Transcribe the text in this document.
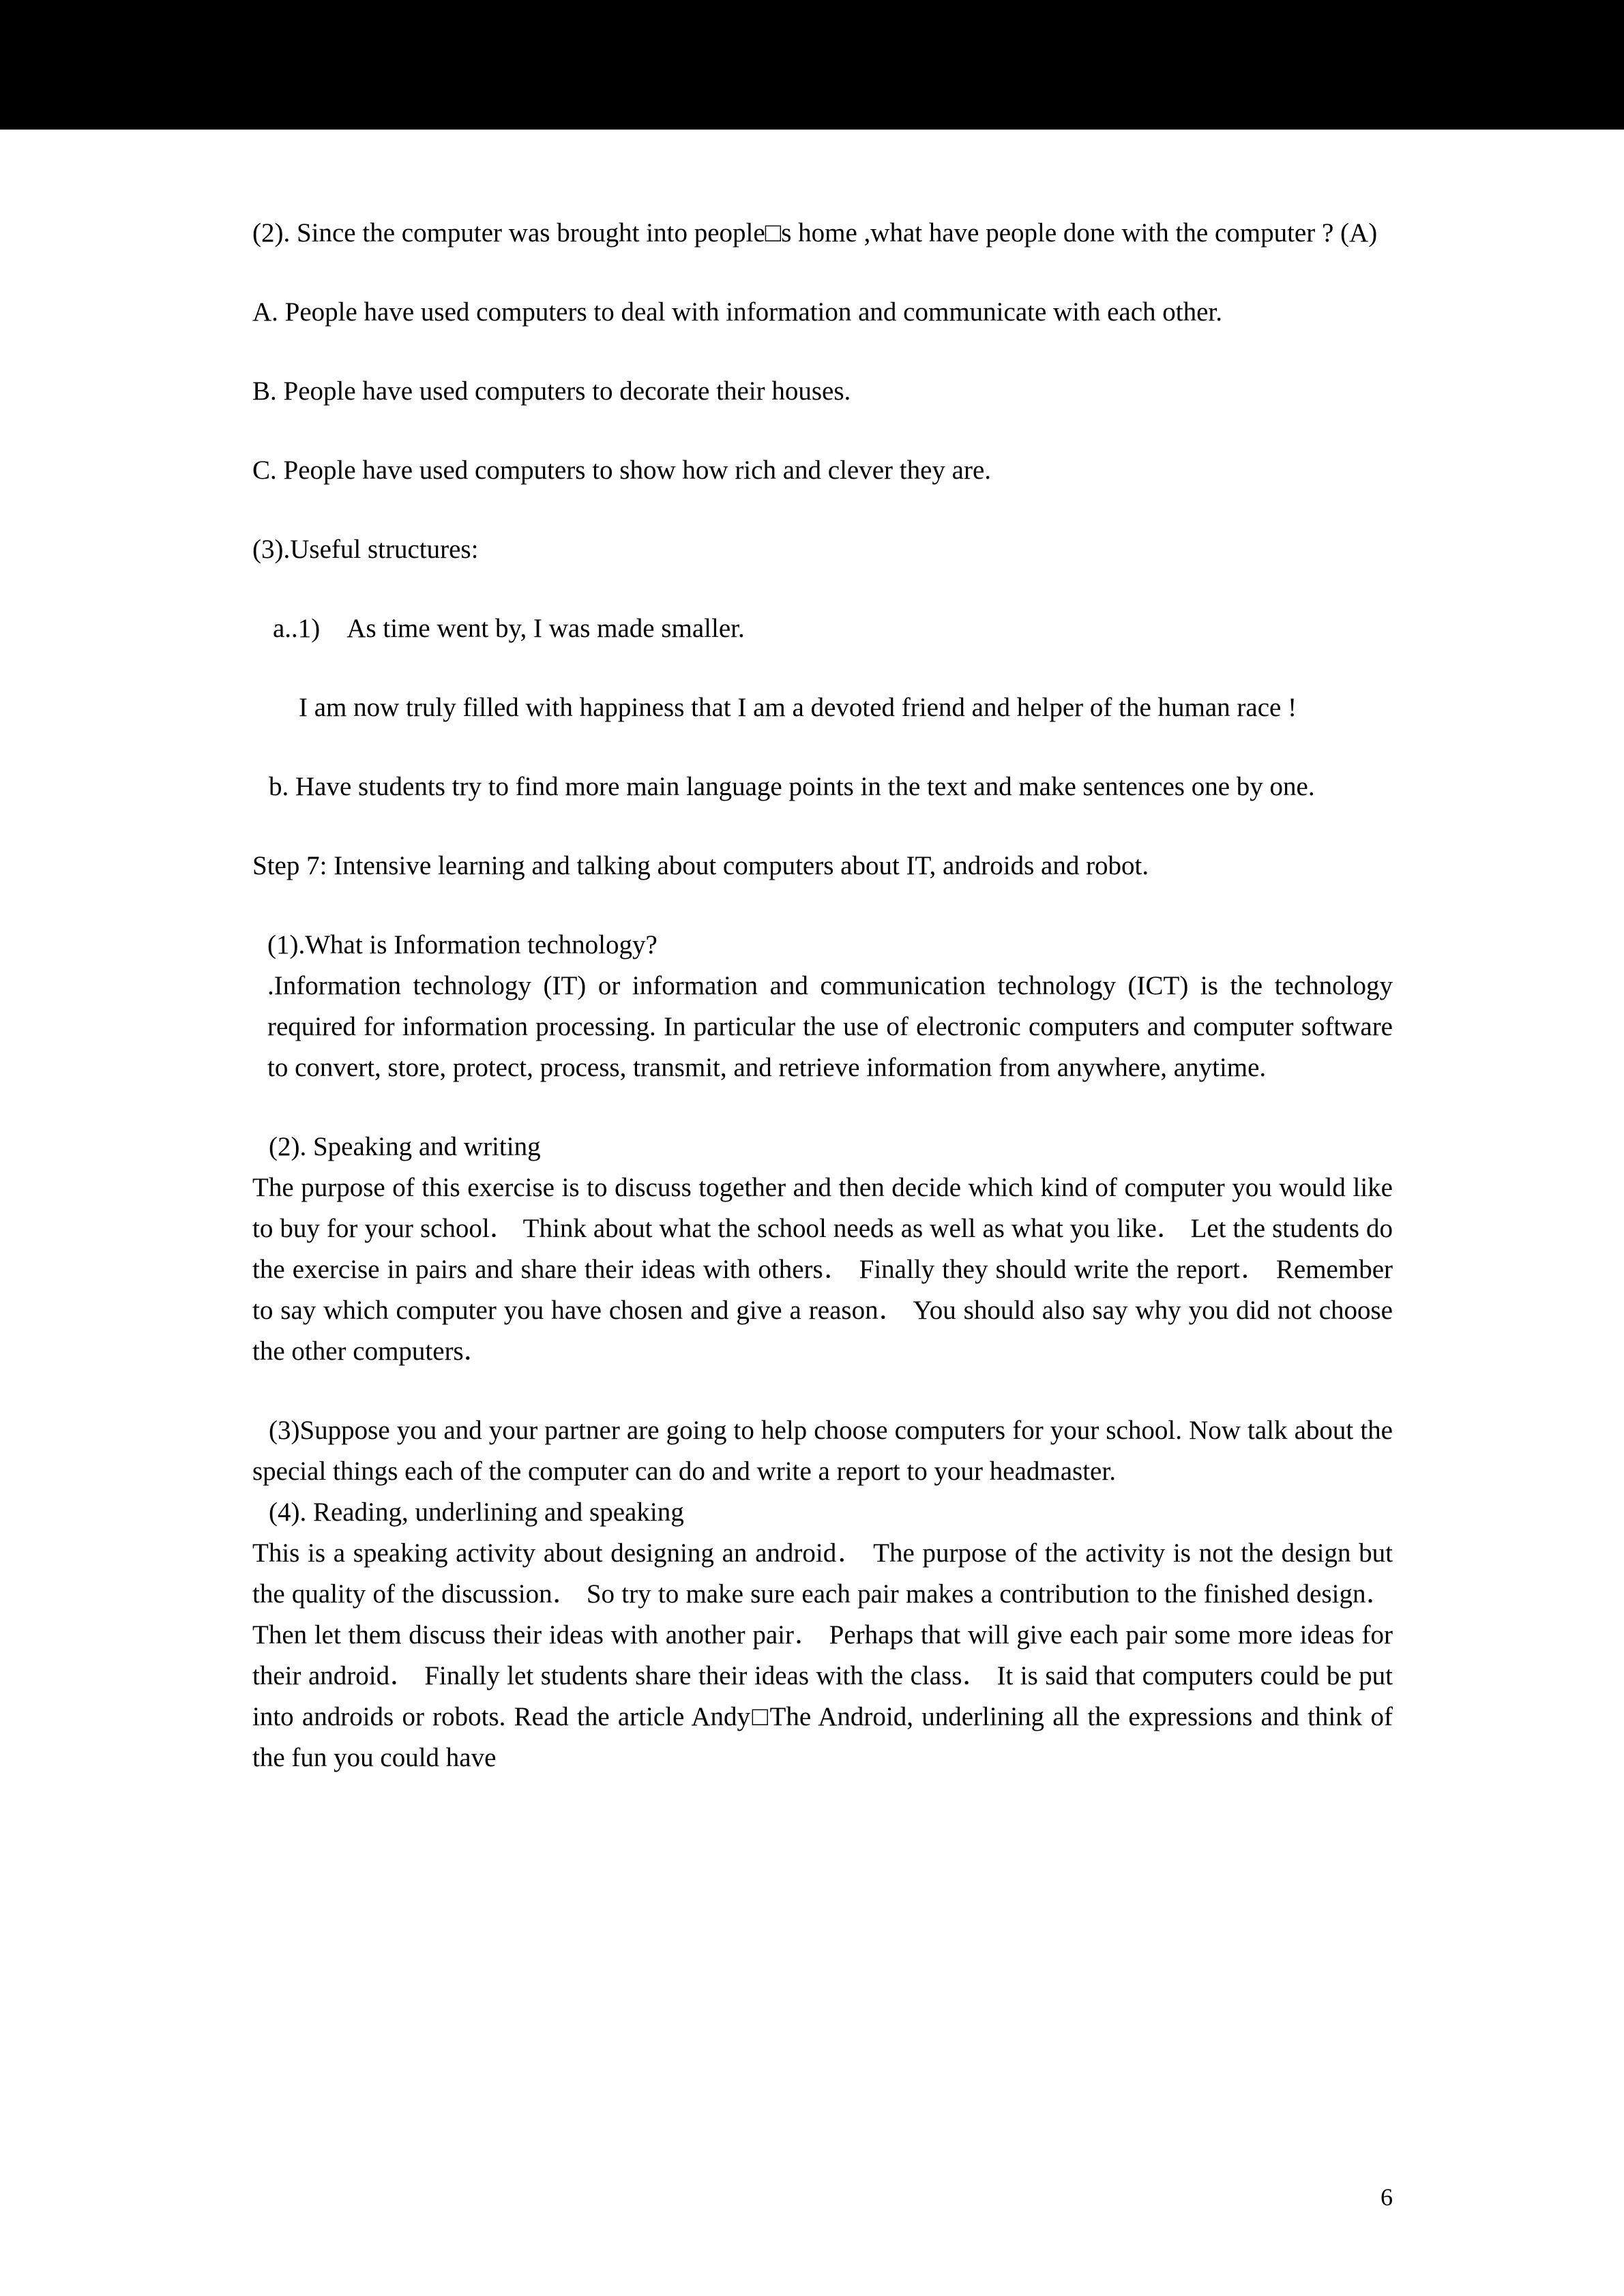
(2). Since the computer was brought into people□s home ,what have people done with the computer ? (A)
A. People have used computers to deal with information and communicate with each other.
B. People have used computers to decorate their houses.
C. People have used computers to show how rich and clever they are.
(3).Useful structures:
a..1)    As time went by, I was made smaller.
I am now truly filled with happiness that I am a devoted friend and helper of the human race !
b. Have students try to find more main language points in the text and make sentences one by one.
Step 7: Intensive learning and talking about computers about IT, androids and robot.
(1).What is Information technology?
.Information technology (IT) or information and communication technology (ICT) is the technology required for information processing. In particular the use of electronic computers and computer software to convert, store, protect, process, transmit, and retrieve information from anywhere, anytime.
(2). Speaking and writing
The purpose of this exercise is to discuss together and then decide which kind of computer you would like to buy for your school． Think about what the school needs as well as what you like． Let the students do the exercise in pairs and share their ideas with others． Finally they should write the report． Remember to say which computer you have chosen and give a reason． You should also say why you did not choose the other computers．
(3)Suppose you and your partner are going to help choose computers for your school. Now talk about the special things each of the computer can do and write a report to your headmaster.
(4). Reading, underlining and speaking
This is a speaking activity about designing an android． The purpose of the activity is not the design but the quality of the discussion． So try to make sure each pair makes a contribution to the finished design． Then let them discuss their ideas with another pair． Perhaps that will give each pair some more ideas for their android． Finally let students share their ideas with the class． It is said that computers could be put into androids or robots. Read the article Andy□The Android, underlining all the expressions and think of the fun you could have
6
